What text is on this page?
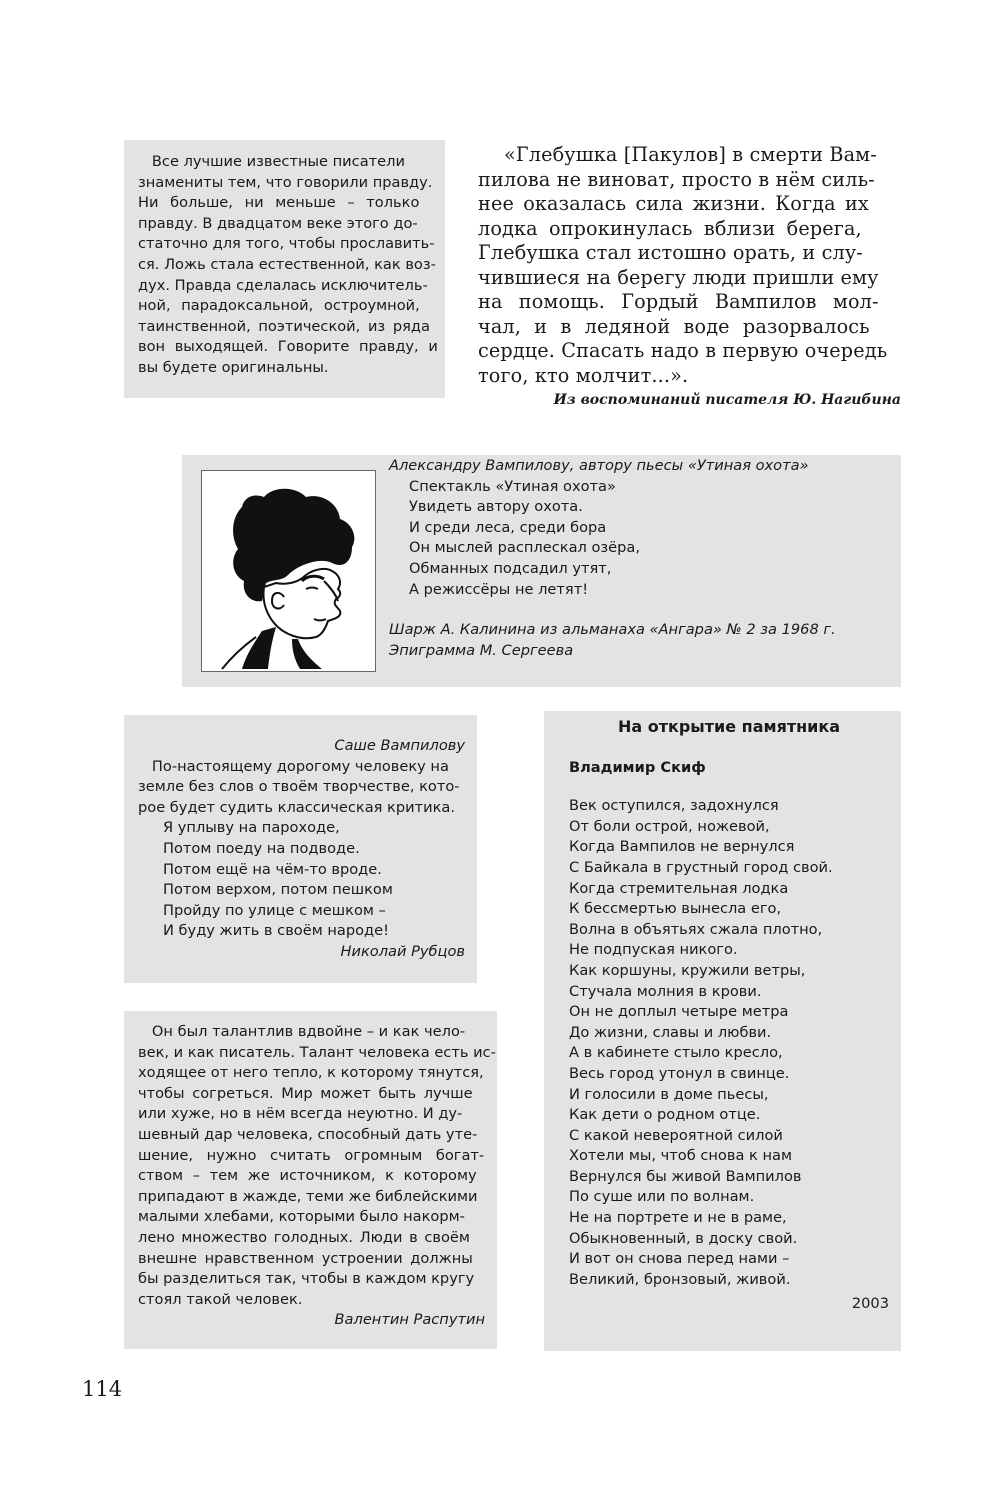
Все лучшие известные писатели
знамениты тем, что говорили правду.
Ни больше, ни меньше – только
правду. В двадцатом веке этого до-
статочно для того, чтобы прославить-
ся. Ложь стала естественной, как воз-
дух. Правда сделалась исключитель-
ной, парадоксальной, остроумной,
таинственной, поэтической, из ряда
вон выходящей. Говорите правду, и
вы будете оригинальны.
«Глебушка [Пакулов] в смерти Вам-
пилова не виноват, просто в нём силь-
нее оказалась сила жизни. Когда их
лодка опрокинулась вблизи берега,
Глебушка стал истошно орать, и слу-
чившиеся на берегу люди пришли ему
на помощь. Гордый Вампилов мол-
чал, и в ледяной воде разорвалось
сердце. Спасать надо в первую очередь
того, кто молчит...».
Из воспоминаний писателя Ю. Нагибина
Александру Вампилову, автору пьесы «Утиная охота»
Спектакль «Утиная охота»
Увидеть автору охота.
И среди леса, среди бора
Он мыслей расплескал озёра,
Обманных подсадил утят,
А режиссёры не летят!
Шарж А. Калинина из альманаха «Ангара» № 2 за 1968 г.
Эпиграмма М. Сергеева
Саше Вампилову
По-настоящему дорогому человеку на
земле без слов о твоём творчестве, кото-
рое будет судить классическая критика.
Я уплыву на пароходе,
Потом поеду на подводе.
Потом ещё на чём-то вроде.
Потом верхом, потом пешком
Пройду по улице с мешком –
И буду жить в своём народе!
Николай Рубцов
Он был талантлив вдвойне – и как чело-
век, и как писатель. Талант человека есть ис-
ходящее от него тепло, к которому тянутся,
чтобы согреться. Мир может быть лучше
или хуже, но в нём всегда неуютно. И ду-
шевный дар человека, способный дать уте-
шение, нужно считать огромным богат-
ством – тем же источником, к которому
припадают в жажде, теми же библейскими
малыми хлебами, которыми было накорм-
лено множество голодных. Люди в своём
внешне нравственном устроении должны
бы разделиться так, чтобы в каждом кругу
стоял такой человек.
Валентин Распутин
На открытие памятника
Владимир Скиф
Век оступился, задохнулся
От боли острой, ножевой,
Когда Вампилов не вернулся
С Байкала в грустный город свой.
Когда стремительная лодка
К бессмертью вынесла его,
Волна в объятьях сжала плотно,
Не подпуская никого.
Как коршуны, кружили ветры,
Стучала молния в крови.
Он не доплыл четыре метра
До жизни, славы и любви.
А в кабинете стыло кресло,
Весь город утонул в свинце.
И голосили в доме пьесы,
Как дети о родном отце.
С какой невероятной силой
Хотели мы, чтоб снова к нам
Вернулся бы живой Вампилов
По суше или по волнам.
Не на портрете и не в раме,
Обыкновенный, в доску свой.
И вот он снова перед нами –
Великий, бронзовый, живой.
2003
114
